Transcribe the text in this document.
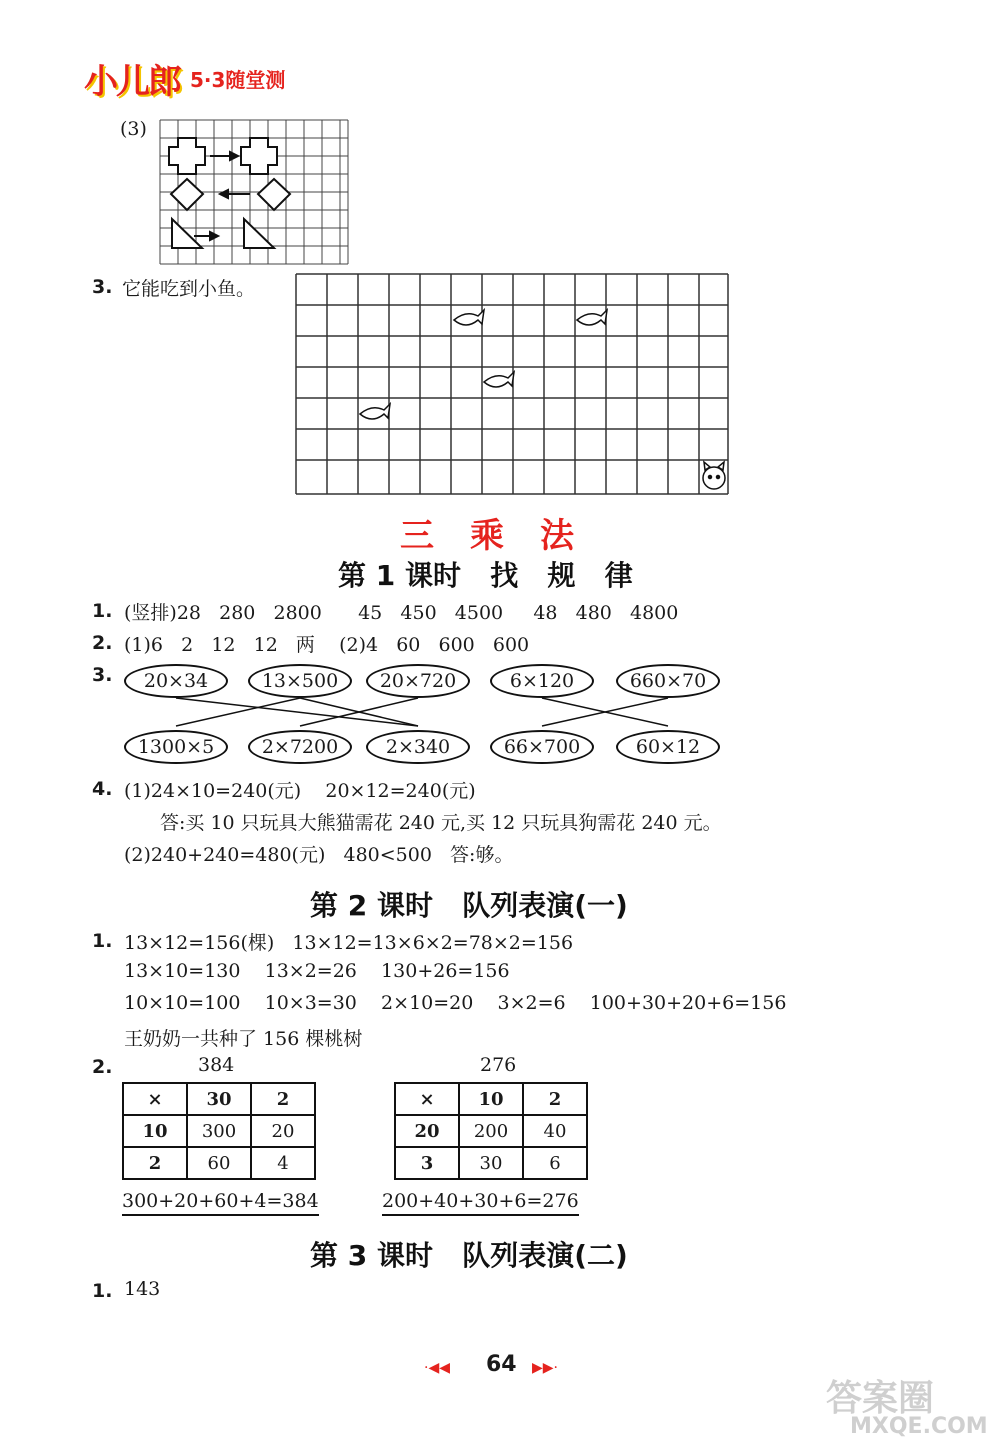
小儿郎 5·3随堂测
(3)
3. 它能吃到小鱼。
三乘法
第 1 课时   找   规   律
1. (竖排)28   280   2800      45   450   4500     48   480   4800
2. (1)6   2   12   12   两    (2)4   60   600   600
3.	20×34	13×500	20×720	6×120	660×70
1300×5	2×7200	2×340	66×700	60×12
4. (1)24×10=240(元)    20×12=240(元)
答:买 10 只玩具大熊猫需花 240 元,买 12 只玩具狗需花 240 元。
(2)240+240=480(元)   480<500   答:够。
第 2 课时   队列表演(一)
1. 13×12=156(棵)   13×12=13×6×2=78×2=156
13×10=130    13×2=26    130+26=156
10×10=100    10×3=30    2×10=20    3×2=6    100+30+20+6=156
王奶奶一共种了 156 棵桃树
2.	384	276
×	30	2
10	300	20
2	60	4
×	10	2
20	200	40
3	30	6
300+20+60+4=384	200+40+30+6=276
第 3 课时   队列表演(二)
1. 143
·◀◀ 64 ▶▶·
答案圈
MXQE.COM
